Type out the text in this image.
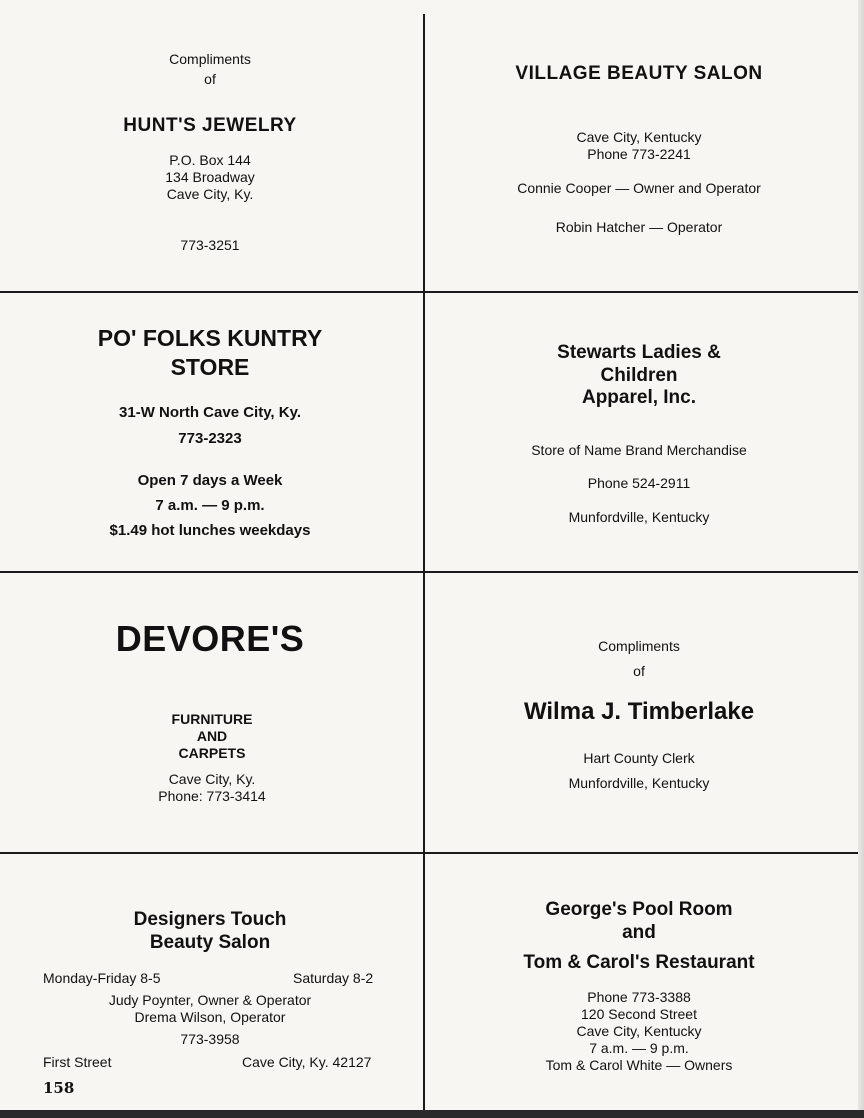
Compliments
of
HUNT'S JEWELRY
P.O. Box 144
134 Broadway
Cave City, Ky.
773-3251
VILLAGE BEAUTY SALON
Cave City, Kentucky
Phone 773-2241
Connie Cooper — Owner and Operator
Robin Hatcher — Operator
PO' FOLKS KUNTRY
STORE
31-W North Cave City, Ky.
773-2323
Open 7 days a Week
7 a.m. — 9 p.m.
$1.49 hot lunches weekdays
Stewarts Ladies &
Children
Apparel, Inc.
Store of Name Brand Merchandise
Phone 524-2911
Munfordville, Kentucky
DEVORE'S
FURNITURE
AND
CARPETS
Cave City, Ky.
Phone: 773-3414
Compliments
of
Wilma J. Timberlake
Hart County Clerk
Munfordville, Kentucky
Designers Touch
Beauty Salon
Monday-Friday 8-5	Saturday 8-2
Judy Poynter, Owner & Operator
Drema Wilson, Operator
773-3958
First Street	Cave City, Ky. 42127
George's Pool Room
and
Tom & Carol's Restaurant
Phone 773-3388
120 Second Street
Cave City, Kentucky
7 a.m. — 9 p.m.
Tom & Carol White — Owners
158
